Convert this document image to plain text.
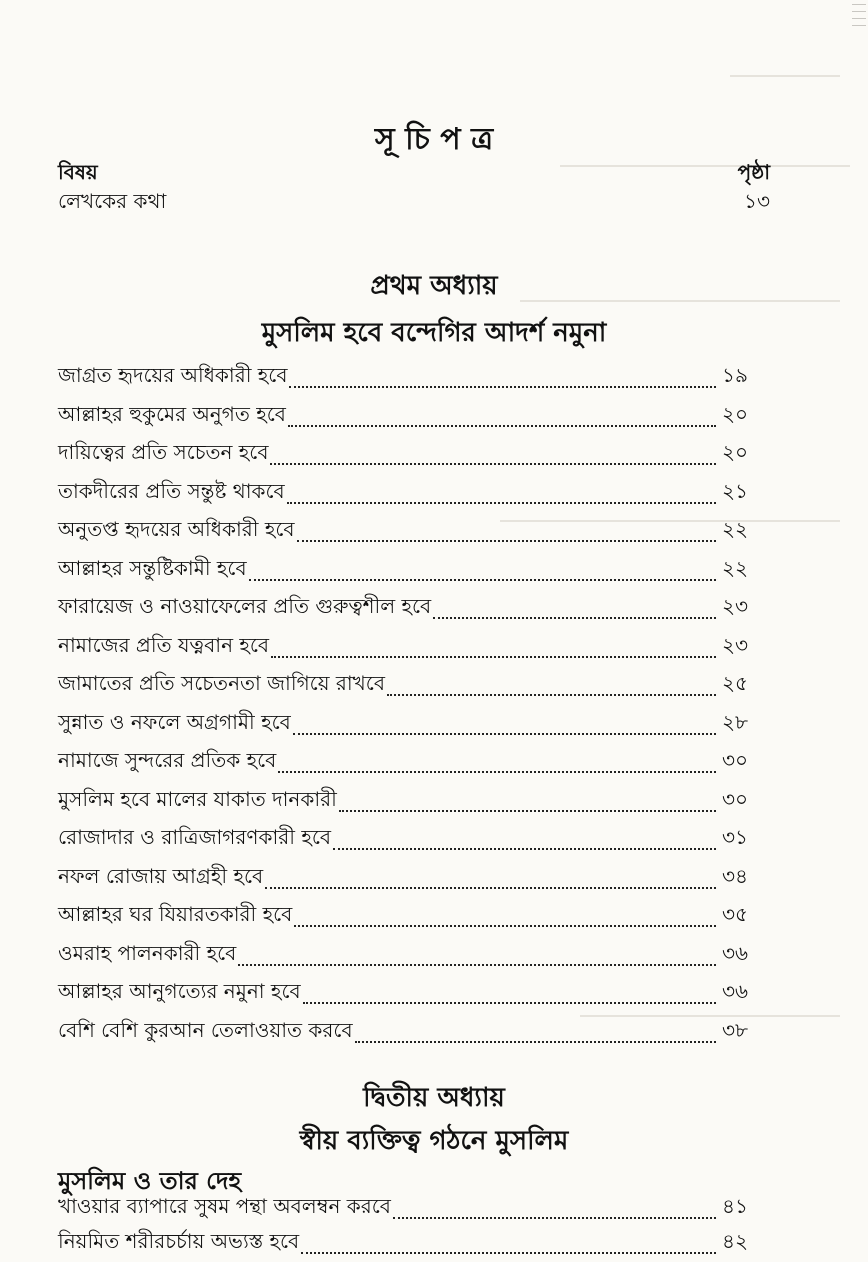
সূ চি প ত্র
বিষয়	পৃষ্ঠা
লেখকের কথা	১৩
প্রথম অধ্যায়
মুসলিম হবে বন্দেগির আদর্শ নমুনা
জাগ্রত হৃদয়ের অধিকারী হবে	১৯
আল্লাহর হুকুমের অনুগত হবে	২০
দায়িত্বের প্রতি সচেতন হবে	২০
তাকদীরের প্রতি সন্তুষ্ট থাকবে	২১
অনুতপ্ত হৃদয়ের অধিকারী হবে	২২
আল্লাহর সন্তুষ্টিকামী হবে	২২
ফারায়েজ ও নাওয়াফেলের প্রতি গুরুত্বশীল হবে	২৩
নামাজের প্রতি যত্নবান হবে	২৩
জামাতের প্রতি সচেতনতা জাগিয়ে রাখবে	২৫
সুন্নাত ও নফলে অগ্রগামী হবে	২৮
নামাজে সুন্দরের প্রতিক হবে	৩০
মুসলিম হবে মালের যাকাত দানকারী	৩০
রোজাদার ও রাত্রিজাগরণকারী হবে	৩১
নফল রোজায় আগ্রহী হবে	৩৪
আল্লাহর ঘর যিয়ারতকারী হবে	৩৫
ওমরাহ পালনকারী হবে	৩৬
আল্লাহর আনুগত্যের নমুনা হবে	৩৬
বেশি বেশি কুরআন তেলাওয়াত করবে	৩৮
দ্বিতীয় অধ্যায়
স্বীয় ব্যক্তিত্ব গঠনে মুসলিম
মুসলিম ও তার দেহ
খাওয়ার ব্যাপারে সুষম পন্থা অবলম্বন করবে	৪১
নিয়মিত শরীরচর্চায় অভ্যস্ত হবে	৪২
